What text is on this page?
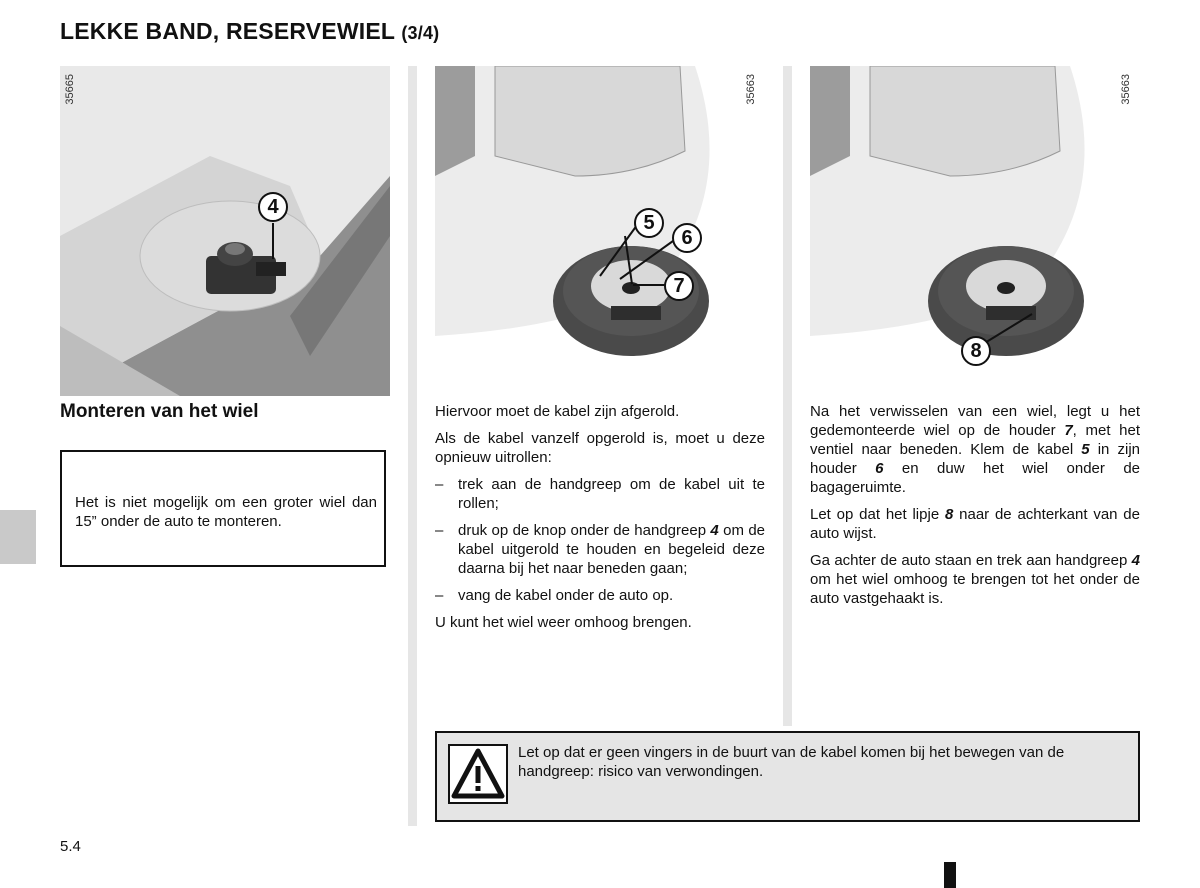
LEKKE BAND, RESERVEWIEL (3/4)
35665
4
35663
5
6
7
35663
8
Monteren van het wiel

Het is niet mogelijk om een groter wiel dan 15” onder de auto te monteren.

Hiervoor moet de kabel zijn afgerold.

Als de kabel vanzelf opgerold is, moet u deze opnieuw uitrollen:

– trek aan de handgreep om de kabel uit te rollen;
– druk op de knop onder de handgreep 4 om de kabel uitgerold te houden en begeleid deze daarna bij het naar beneden gaan;
– vang de kabel onder de auto op.

U kunt het wiel weer omhoog brengen.

Na het verwisselen van een wiel, legt u het gedemonteerde wiel op de houder 7, met het ventiel naar beneden. Klem de kabel 5 in zijn houder 6 en duw het wiel onder de bagageruimte.

Let op dat het lipje 8 naar de achterkant van de auto wijst.

Ga achter de auto staan en trek aan handgreep 4 om het wiel omhoog te brengen tot het onder de auto vastgehaakt is.

Let op dat er geen vingers in de buurt van de kabel komen bij het bewegen van de handgreep: risico van verwondingen.
5.4
